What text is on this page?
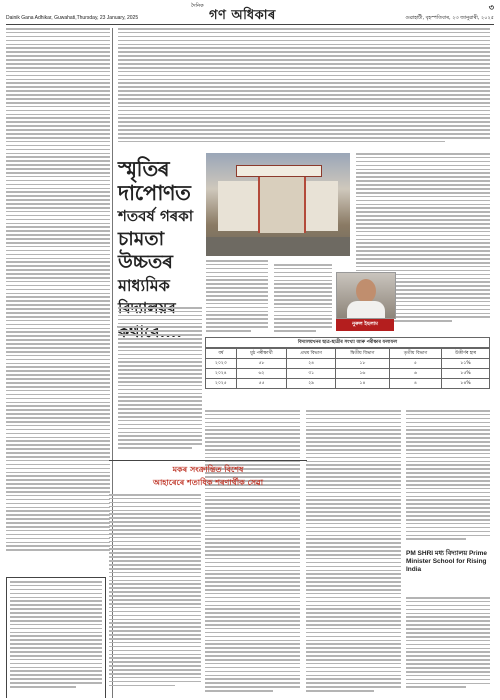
Dainik Gana Adhikar, Guwahati,Thursday, 23 January, 2025
দৈনিক
গণ অধিকাৰ	গুৱাহাটী, বৃহস্পতিবাৰ, ২৩ জানুৱাৰী, ২০২৫
৩
স্মৃতিৰ
দাপোণত
শতবৰ্ষ গৰকা
চামতা
উচ্চতৰ
মাধ্যমিক
নুৰুল ইছলাম
বিদ্যালয়খনৰ ছাত্ৰ-ছাত্ৰীৰ সংখ্যা আৰু পৰীক্ষাৰ ফলাফল
বৰ্ষ	মুঠ পৰীক্ষাৰ্থী	প্ৰথম বিভাগ	দ্বিতীয় বিভাগ	তৃতীয় বিভাগ	উত্তীৰ্ণৰ হাৰ
২০২৩	৫৮	২৪	১৮	৫	৮১%
২০২৪	৬২	৩১	১৬	৬	৮৫%
২০২৫	৫৫	২৯	১৪	৪	৮৪%
PM SHRI মধ্য বিদ্যালয় Prime Minister School for Rising India
মকৰ সংক্ৰান্তিত বিশেষ
আহাৰেৰে শতাধিক শৰণাৰ্থীক সেৱা
